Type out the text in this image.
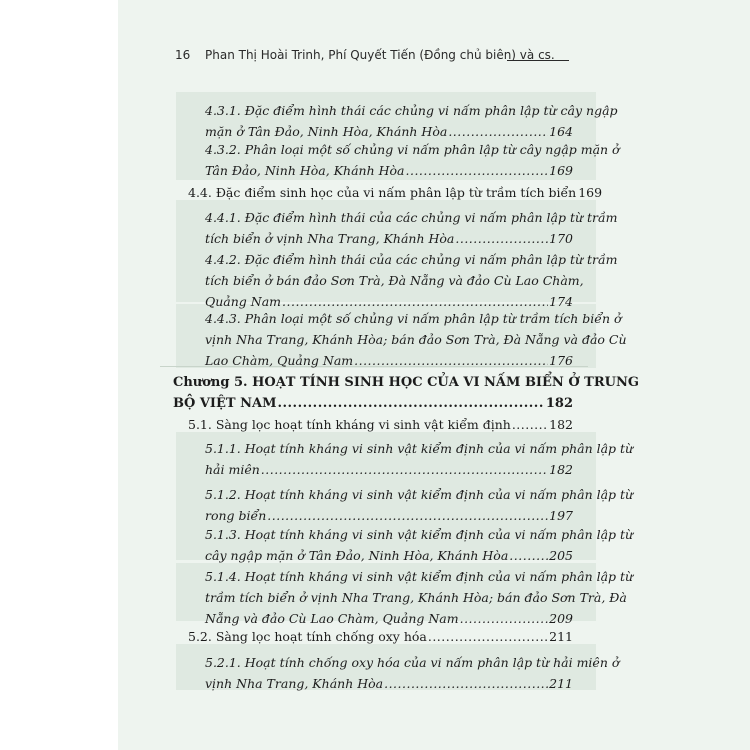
16 Phan Thị Hoài Trinh, Phí Quyết Tiến (Đồng chủ biên) và cs.
4.3.1. Đặc điểm hình thái các chủng vi nấm phân lập từ cây ngập
mặn ở Tân Đảo, Ninh Hòa, Khánh Hòa .....	164
4.3.2. Phân loại một số chủng vi nấm phân lập từ cây ngập mặn ở
Tân Đảo, Ninh Hòa, Khánh Hòa .....	169
4.4. Đặc điểm sinh học của vi nấm phân lập từ trầm tích biển 169
4.4.1. Đặc điểm hình thái của các chủng vi nấm phân lập từ trầm
tích biển ở vịnh Nha Trang, Khánh Hòa .....	170
4.4.2. Đặc điểm hình thái của các chủng vi nấm phân lập từ trầm
tích biển ở bán đảo Sơn Trà, Đà Nẵng và đảo Cù Lao Chàm,
Quảng Nam .....	174
4.4.3. Phân loại một số chủng vi nấm phân lập từ trầm tích biển ở
vịnh Nha Trang, Khánh Hòa; bán đảo Sơn Trà, Đà Nẵng và đảo Cù
Lao Chàm, Quảng Nam .....	176
Chương 5. HOẠT TÍNH SINH HỌC CỦA VI NẤM BIỂN Ở TRUNG
BỘ VIỆT NAM .....	182
5.1. Sàng lọc hoạt tính kháng vi sinh vật kiểm định .....	182
5.1.1. Hoạt tính kháng vi sinh vật kiểm định của vi nấm phân lập từ
hải miên .....	182
5.1.2. Hoạt tính kháng vi sinh vật kiểm định của vi nấm phân lập từ
rong biển .....	197
5.1.3. Hoạt tính kháng vi sinh vật kiểm định của vi nấm phân lập từ
cây ngập mặn ở Tân Đảo, Ninh Hòa, Khánh Hòa .....	205
5.1.4. Hoạt tính kháng vi sinh vật kiểm định của vi nấm phân lập từ
trầm tích biển ở vịnh Nha Trang, Khánh Hòa; bán đảo Sơn Trà, Đà
Nẵng và đảo Cù Lao Chàm, Quảng Nam .....	209
5.2. Sàng lọc hoạt tính chống oxy hóa .....	211
5.2.1. Hoạt tính chống oxy hóa của vi nấm phân lập từ hải miên ở
vịnh Nha Trang, Khánh Hòa .....	211
